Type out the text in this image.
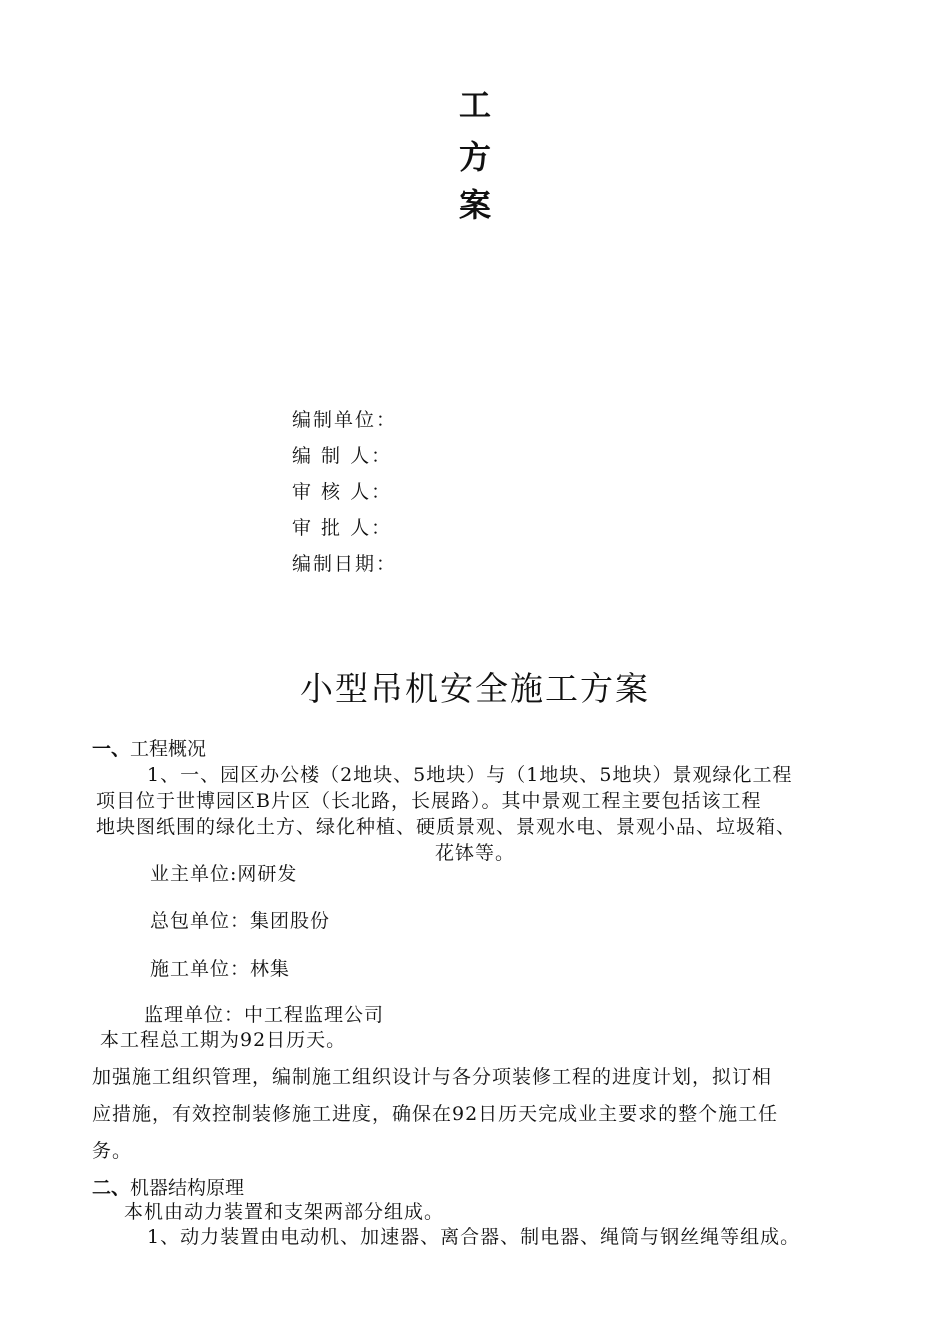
工
方
案
编制单位：
编 制 人：
审 核 人：
审 批 人：
编制日期：
小型吊机安全施工方案
一、工程概况
1、一、园区办公楼（2地块、5地块）与（1地块、5地块）景观绿化工程
项目位于世博园区B片区（长北路，长展路）。其中景观工程主要包括该工程
地块图纸围的绿化土方、绿化种植、硬质景观、景观水电、景观小品、垃圾箱、
花钵等。
业主单位:网研发
总包单位：集团股份
施工单位：林集
监理单位：中工程监理公司
本工程总工期为92日历天。
加强施工组织管理，编制施工组织设计与各分项装修工程的进度计划，拟订相
应措施，有效控制装修施工进度，确保在92日历天完成业主要求的整个施工任
务。
二、机器结构原理
本机由动力装置和支架两部分组成。
1、动力装置由电动机、加速器、离合器、制电器、绳筒与钢丝绳等组成。
